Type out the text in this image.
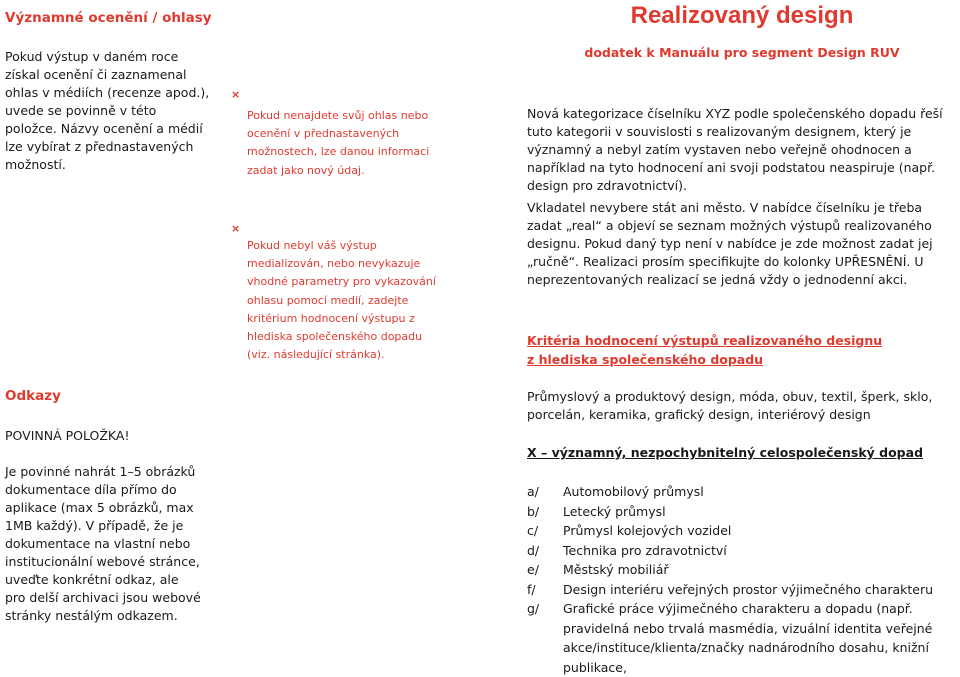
Významné ocenění / ohlasy

Pokud výstup v daném roce získal ocenění či zaznamenal ohlas v médiích (recenze apod.), uvede se povinně v této položce. Názvy ocenění a médií lze vybírat z přednastavených možností.

Odkazy

POVINNÁ POLOŽKA!

Je povinné nahrát 1–5 obrázků dokumentace díla přímo do aplikace (max 5 obrázků, max 1MB každý). V případě, že je dokumentace na vlastní nebo institucionální webové stránce, uveďte konkrétní odkaz, ale pro delší archivaci jsou webové stránky nestálým odkazem.

×

Pokud nenajdete svůj ohlas nebo ocenění v přednastavených možnostech, lze danou informaci zadat jako nový údaj.

×

Pokud nebyl váš výstup medializován, nebo nevykazuje vhodné parametry pro vykazování ohlasu pomocí medií, zadejte kritérium hodnocení výstupu z hlediska společenského dopadu (viz. následující stránka).

Realizovaný design

dodatek k Manuálu pro segment Design RUV

Nová kategorizace číselníku XYZ podle společenského dopadu řeší tuto kategorii v souvislosti s realizovaným designem, který je významný a nebyl zatím vystaven nebo veřejně ohodnocen a například na tyto hodnocení ani svoji podstatou neaspiruje (např. design pro zdravotnictví).

Vkladatel nevybere stát ani město. V nabídce číselníku je třeba zadat „real“ a objeví se seznam možných výstupů realizovaného designu. Pokud daný typ není v nabídce je zde možnost zadat jej „ručně“. Realizaci prosím specifikujte do kolonky UPŘESNĚNÍ. U neprezentovaných realizací se jedná vždy o jednodenní akci.

Kritéria hodnocení výstupů realizovaného designu

z hlediska společenského dopadu

Průmyslový a produktový design, móda, obuv, textil, šperk, sklo, porcelán, keramika, grafický design, interiérový design

X – významný, nezpochybnitelný celospolečenský dopad

a/ Automobilový průmysl
b/ Letecký průmysl
c/ Průmysl kolejových vozidel
d/ Technika pro zdravotnictví
e/ Městský mobiliář
f/ Design interiéru veřejných prostor výjimečného charakteru
g/ Grafické práce výjimečného charakteru a dopadu (např. pravidelná nebo trvalá masmédia, vizuální identita veřejné akce/instituce/klienta/značky nadnárodního dosahu, knižní publikace,
